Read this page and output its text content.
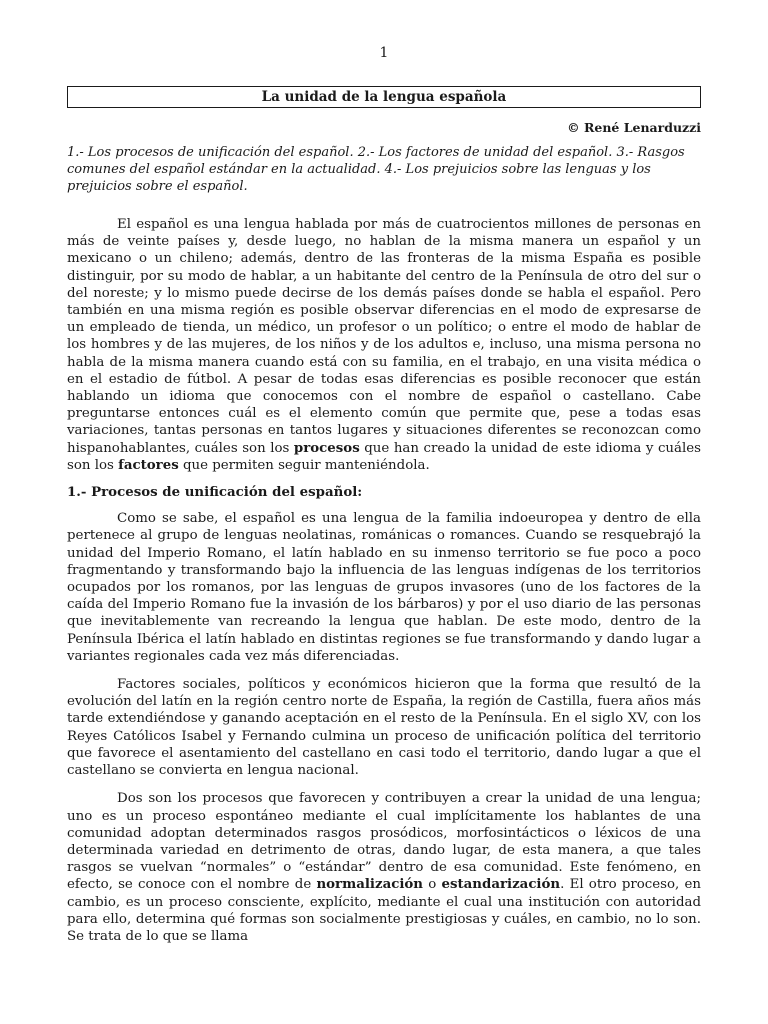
1
La unidad de la lengua española
© René Lenarduzzi
1.- Los procesos de unificación del español. 2.- Los factores de unidad del español. 3.- Rasgos comunes del español estándar en la actualidad. 4.- Los prejuicios sobre las lenguas y los prejuicios sobre el español.

El español es una lengua hablada por más de cuatrocientos millones de personas en más de veinte países y, desde luego, no hablan de la misma manera un español y un mexicano o un chileno; además, dentro de las fronteras de la misma España es posible distinguir, por su modo de hablar, a un habitante del centro de la Península de otro del sur o del noreste; y lo mismo puede decirse de los demás países donde se habla el español. Pero también en una misma región es posible observar diferencias en el modo de expresarse de un empleado de tienda, un médico, un profesor o un político; o entre el modo de hablar de los hombres y de las mujeres, de los niños y de los adultos e, incluso, una misma persona no habla de la misma manera cuando está con su familia, en el trabajo, en una visita médica o en el estadio de fútbol. A pesar de todas esas diferencias es posible reconocer que están hablando un idioma que conocemos con el nombre de español o castellano. Cabe preguntarse entonces cuál es el elemento común que permite que, pese a todas esas variaciones, tantas personas en tantos lugares y situaciones diferentes se reconozcan como hispanohablantes, cuáles son los procesos que han creado la unidad de este idioma y cuáles son los factores que permiten seguir manteniéndola.

1.- Procesos de unificación del español:

Como se sabe, el español es una lengua de la familia indoeuropea y dentro de ella pertenece al grupo de lenguas neolatinas, románicas o romances. Cuando se resquebrajó la unidad del Imperio Romano, el latín hablado en su inmenso territorio se fue poco a poco fragmentando y transformando bajo la influencia de las lenguas indígenas de los territorios ocupados por los romanos, por las lenguas de grupos invasores (uno de los factores de la caída del Imperio Romano fue la invasión de los bárbaros) y por el uso diario de las personas que inevitablemente van recreando la lengua que hablan. De este modo, dentro de la Península Ibérica el latín hablado en distintas regiones se fue transformando y dando lugar a variantes regionales cada vez más diferenciadas.

Factores sociales, políticos y económicos hicieron que la forma que resultó de la evolución del latín en la región centro norte de España, la región de Castilla, fuera años más tarde extendiéndose y ganando aceptación en el resto de la Península. En el siglo XV, con los Reyes Católicos Isabel y Fernando culmina un proceso de unificación política del territorio que favorece el asentamiento del castellano en casi todo el territorio, dando lugar a que el castellano se convierta en lengua nacional.

Dos son los procesos que favorecen y contribuyen a crear la unidad de una lengua; uno es un proceso espontáneo mediante el cual implícitamente los hablantes de una comunidad adoptan determinados rasgos prosódicos, morfosintácticos o léxicos de una determinada variedad en detrimento de otras, dando lugar, de esta manera, a que tales rasgos se vuelvan “normales” o “estándar” dentro de esa comunidad. Este fenómeno, en efecto, se conoce con el nombre de normalización o estandarización. El otro proceso, en cambio, es un proceso consciente, explícito, mediante el cual una institución con autoridad para ello, determina qué formas son socialmente prestigiosas y cuáles, en cambio, no lo son. Se trata de lo que se llama
